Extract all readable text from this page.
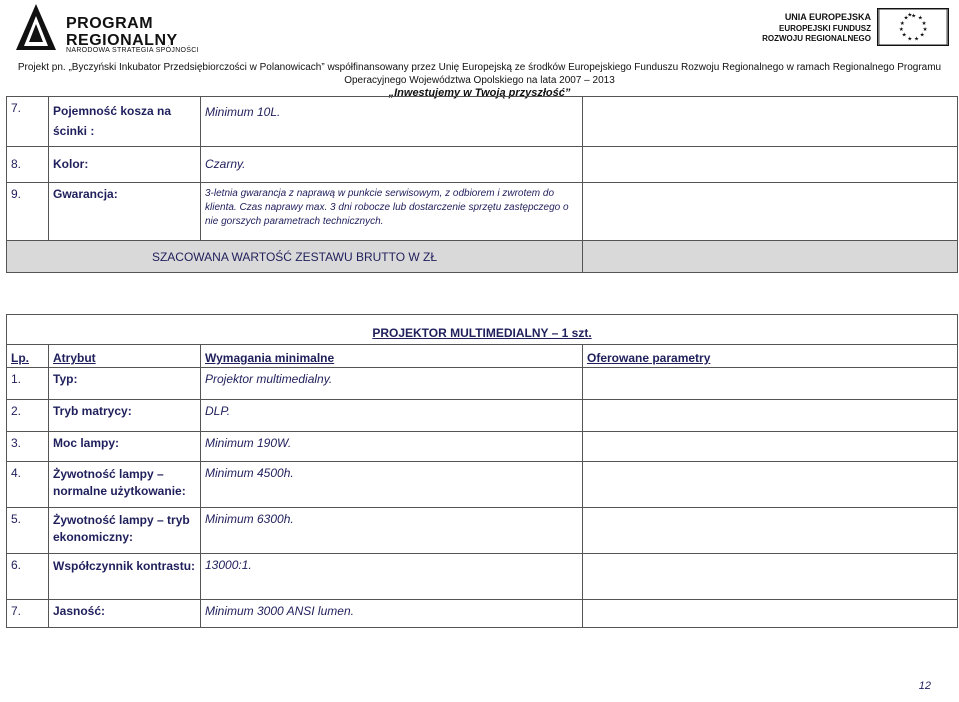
PROGRAM
REGIONALNY
NARODOWA STRATEGIA SPÓJNOŚCI
UNIA EUROPEJSKA
EUROPEJSKI FUNDUSZ
ROZWOJU REGIONALNEGO
★ ★
★
★
★
★
★
★
★
★
★
★
Projekt pn. „Byczyński Inkubator Przedsiębiorczości w Polanowicach” współfinansowany przez Unię Europejską ze środków Europejskiego Funduszu Rozwoju Regionalnego w ramach Regionalnego Programu
Operacyjnego Województwa Opolskiego na lata 2007 – 2013
„Inwestujemy w Twoją przyszłość”
7.	Pojemność kosza na ścinki :	Minimum 10L.	
8.	Kolor:	Czarny.	
9.	Gwarancja:	3-letnia gwarancja z naprawą w punkcie serwisowym, z odbiorem i zwrotem do klienta. Czas naprawy max. 3 dni robocze lub dostarczenie sprzętu zastępczego o nie gorszych parametrach technicznych.	
SZACOWANA WARTOŚĆ ZESTAWU BRUTTO W ZŁ			
PROJEKTOR MULTIMEDIALNY – 1 szt.			
Lp.	Atrybut	Wymagania minimalne	Oferowane parametry
1.	Typ:	Projektor multimedialny.	
2.	Tryb matrycy:	DLP.	
3.	Moc lampy:	Minimum 190W.	
4.	Żywotność lampy – normalne użytkowanie:	Minimum 4500h.	
5.	Żywotność lampy – tryb ekonomiczny:	Minimum 6300h.	
6.	Współczynnik kontrastu:	13000:1.	
7.	Jasność:	Minimum 3000 ANSI lumen.	
12
